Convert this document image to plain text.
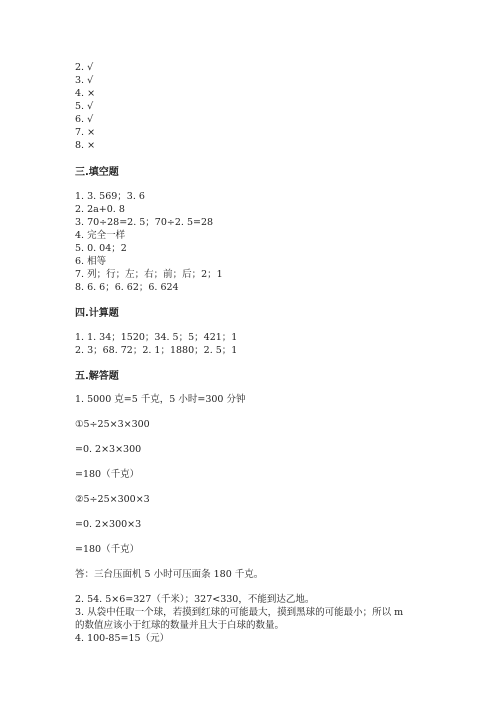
2. √
3. √
4. ×
5. √
6. √
7. ×
8. ×
三.填空题
1. 3. 569；3. 6
2. 2a+0. 8
3. 70÷28=2. 5；70÷2. 5=28
4. 完全一样
5. 0. 04；2
6. 相等
7. 列；行；左；右；前；后；2；1
8. 6. 6；6. 62；6. 624
四.计算题
1. 1. 34；1520；34. 5；5；421；1
2. 3；68. 72；2. 1；1880；2. 5；1
五.解答题
1. 5000 克=5 千克，5 小时=300 分钟
①5÷25×3×300
=0. 2×3×300
=180（千克）
②5÷25×300×3
=0. 2×300×3
=180（千克）
答：三台压面机 5 小时可压面条 180 千克。
2. 54. 5×6=327（千米）；327<330，不能到达乙地。
3. 从袋中任取一个球，若摸到红球的可能最大，摸到黑球的可能最小；所以 m
的数值应该小于红球的数量并且大于白球的数量。
4. 100-85=15（元）
